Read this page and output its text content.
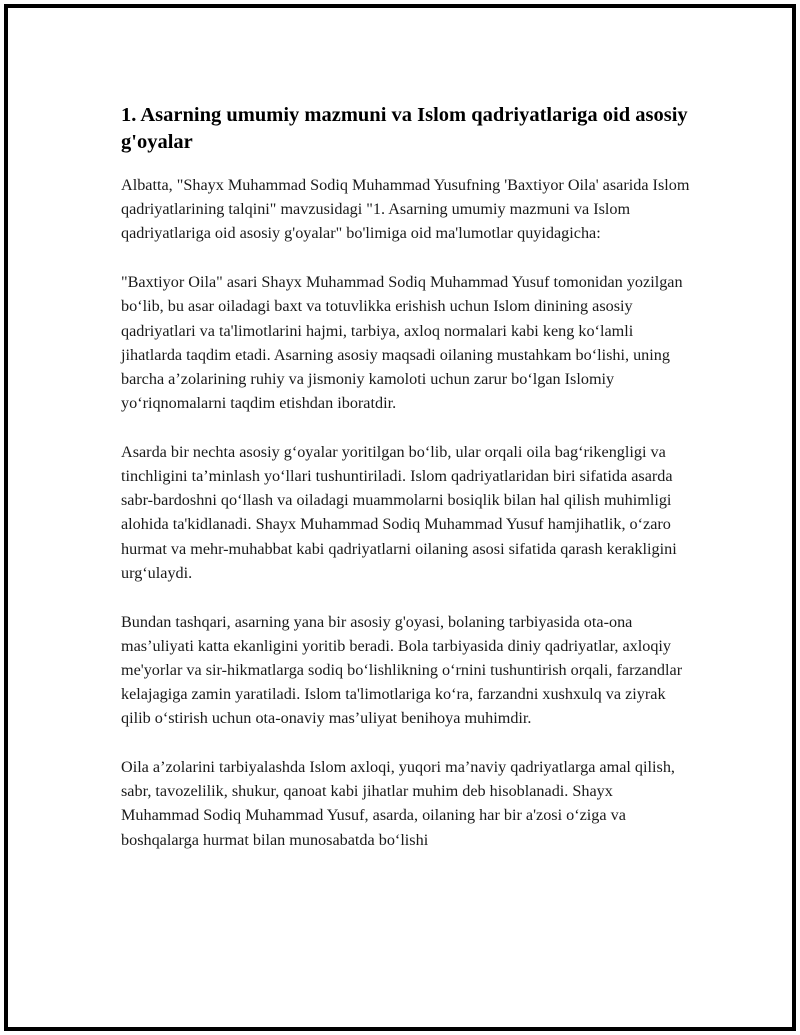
1. Asarning umumiy mazmuni va Islom qadriyatlariga oid asosiy g'oyalar

Albatta, "Shayx Muhammad Sodiq Muhammad Yusufning 'Baxtiyor Oila' asarida Islom qadriyatlarining talqini" mavzusidagi "1. Asarning umumiy mazmuni va Islom qadriyatlariga oid asosiy g'oyalar" bo'limiga oid ma'lumotlar quyidagicha:

"Baxtiyor Oila" asari Shayx Muhammad Sodiq Muhammad Yusuf tomonidan yozilgan bo‘lib, bu asar oiladagi baxt va totuvlikka erishish uchun Islom dinining asosiy qadriyatlari va ta'limotlarini hajmi, tarbiya, axloq normalari kabi keng ko‘lamli jihatlarda taqdim etadi. Asarning asosiy maqsadi oilaning mustahkam bo‘lishi, uning barcha a’zolarining ruhiy va jismoniy kamoloti uchun zarur bo‘lgan Islomiy yo‘riqnomalarni taqdim etishdan iboratdir.

Asarda bir nechta asosiy g‘oyalar yoritilgan bo‘lib, ular orqali oila bag‘rikengligi va tinchligini ta’minlash yo‘llari tushuntiriladi. Islom qadriyatlaridan biri sifatida asarda sabr-bardoshni qo‘llash va oiladagi muammolarni bosiqlik bilan hal qilish muhimligi alohida ta'kidlanadi. Shayx Muhammad Sodiq Muhammad Yusuf hamjihatlik, o‘zaro hurmat va mehr-muhabbat kabi qadriyatlarni oilaning asosi sifatida qarash kerakligini urg‘ulaydi.

Bundan tashqari, asarning yana bir asosiy g'oyasi, bolaning tarbiyasida ota-ona mas’uliyati katta ekanligini yoritib beradi. Bola tarbiyasida diniy qadriyatlar, axloqiy me'yorlar va sir-hikmatlarga sodiq bo‘lishlikning o‘rnini tushuntirish orqali, farzandlar kelajagiga zamin yaratiladi. Islom ta'limotlariga ko‘ra, farzandni xushxulq va ziyrak qilib o‘stirish uchun ota-onaviy mas’uliyat benihoya muhimdir.

Oila a’zolarini tarbiyalashda Islom axloqi, yuqori ma’naviy qadriyatlarga amal qilish, sabr, tavozelilik, shukur, qanoat kabi jihatlar muhim deb hisoblanadi. Shayx Muhammad Sodiq Muhammad Yusuf, asarda, oilaning har bir a'zosi o‘ziga va boshqalarga hurmat bilan munosabatda bo‘lishi
